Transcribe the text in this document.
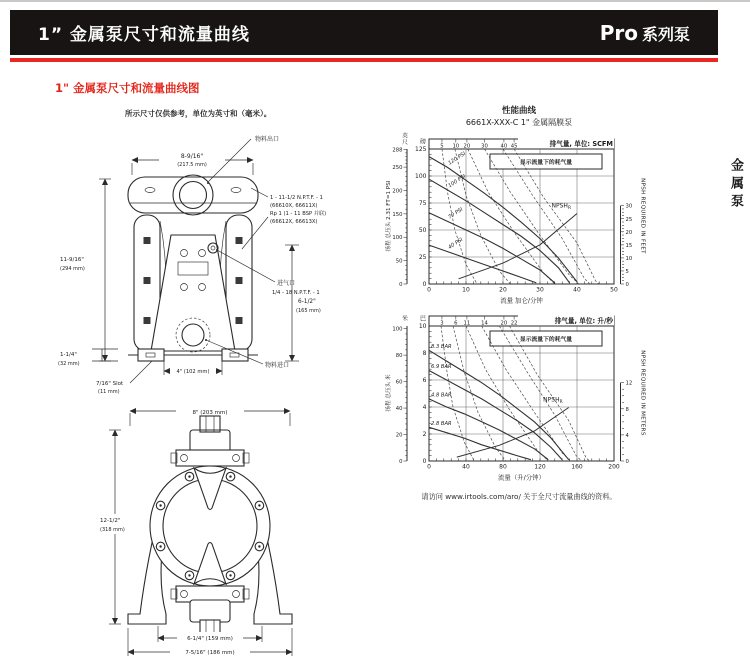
1” 金属泵尺寸和流量曲线	Pro 系列泵
金属泵
1" 金属泵尺寸和流量曲线图
所示尺寸仅供参考，单位为英寸和（毫米）。
8-9/16"
(217.5 mm)
物料出口
11-9/16"
(294 mm)
6-1/2"
(165 mm)
1 - 11-1/2 N.P.T.F. - 1
(66610X, 66611X)
Rp 1 (1 - 11 BSP 并联)
(66612X, 66613X)
进气口
1/4 - 18 N.P.T.F. - 1
物料进口
1-1/4"
(32 mm)
4" (102 mm)
7/16" Slot
(11 mm)
8" (203 mm)
12-1/2"
(318 mm)
6-1/4" (159 mm)
7-5/16" (186 mm)
性能曲线
6661X-XXX-C 1" 金属隔膜泵
5 10 20 30 40 45	排气量, 单位: SCFM
0	10	20	30	40	50
0
25
50
75
100
125
流量 加仑/分钟
磅
0
50
100
150
200
250
288
英
尺
扬程 总压头 2.31 FT=1 PSI
显示流量下的耗气量
0
5
10
15
20
25
30 NPSH REQUIRED IN FEET
120 PSI
100 PSI
70 PSI
40 PSI
$NPSH_R$
3 6 11 14 20 22	排气量, 单位: 升/秒
0	40	80	120	160	200
0
2
4
6
8
10
流量（升/分钟）
巴
0
20
40
60
80
100
米
扬程 总压头 米
显示流量下的耗气量
0
4
8
12 NPSH REQUIRED IN METERS
8.3 BAR
6.9 BAR
4.8 BAR
2.8 BAR
$NPSH_R$
请访问 www.irtools.com/aro/ 关于全尺寸流量曲线的资料。
